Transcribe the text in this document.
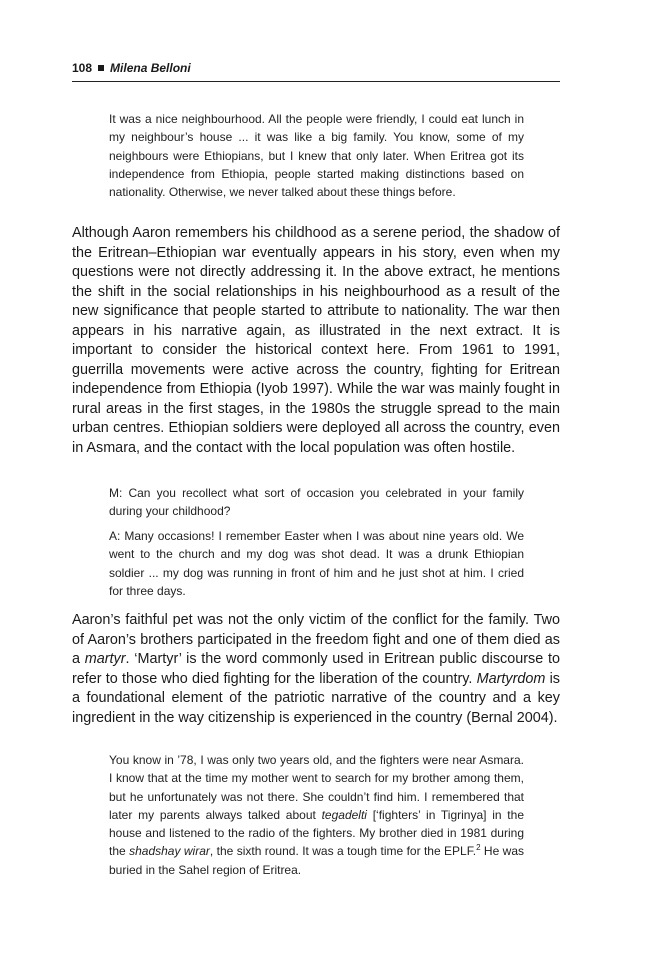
108 Milena Belloni

It was a nice neighbourhood. All the people were friendly, I could eat lunch in my neighbour’s house ... it was like a big family. You know, some of my neighbours were Ethiopians, but I knew that only later. When Eritrea got its independence from Ethiopia, people started making distinctions based on nationality. Otherwise, we never talked about these things before.

Although Aaron remembers his childhood as a serene period, the shadow of the Eritrean–Ethiopian war eventually appears in his story, even when my questions were not directly addressing it. In the above extract, he mentions the shift in the social relationships in his neighbourhood as a result of the new significance that people started to attribute to nationality. The war then appears in his narrative again, as illustrated in the next extract. It is important to consider the historical context here. From 1961 to 1991, guerrilla movements were active across the country, fighting for Eritrean independence from Ethiopia (Iyob 1997). While the war was mainly fought in rural areas in the first stages, in the 1980s the struggle spread to the main urban centres. Ethiopian soldiers were deployed all across the country, even in Asmara, and the contact with the local population was often hostile.

M: Can you recollect what sort of occasion you celebrated in your family during your childhood?

A: Many occasions! I remember Easter when I was about nine years old. We went to the church and my dog was shot dead. It was a drunk Ethiopian soldier ... my dog was running in front of him and he just shot at him. I cried for three days.

Aaron’s faithful pet was not the only victim of the conflict for the family. Two of Aaron’s brothers participated in the freedom fight and one of them died as a martyr. ‘Martyr’ is the word commonly used in Eritrean public discourse to refer to those who died fighting for the liberation of the country. Martyrdom is a foundational element of the patriotic narrative of the country and a key ingredient in the way citizenship is experienced in the country (Bernal 2004).

You know in ’78, I was only two years old, and the fighters were near Asmara. I know that at the time my mother went to search for my brother among them, but he unfortunately was not there. She couldn’t find him. I remembered that later my parents always talked about tegadelti [‘fighters’ in Tigrinya] in the house and listened to the radio of the fighters. My brother died in 1981 during the shadshay wirar, the sixth round. It was a tough time for the EPLF.$^2$ He was buried in the Sahel region of Eritrea.
